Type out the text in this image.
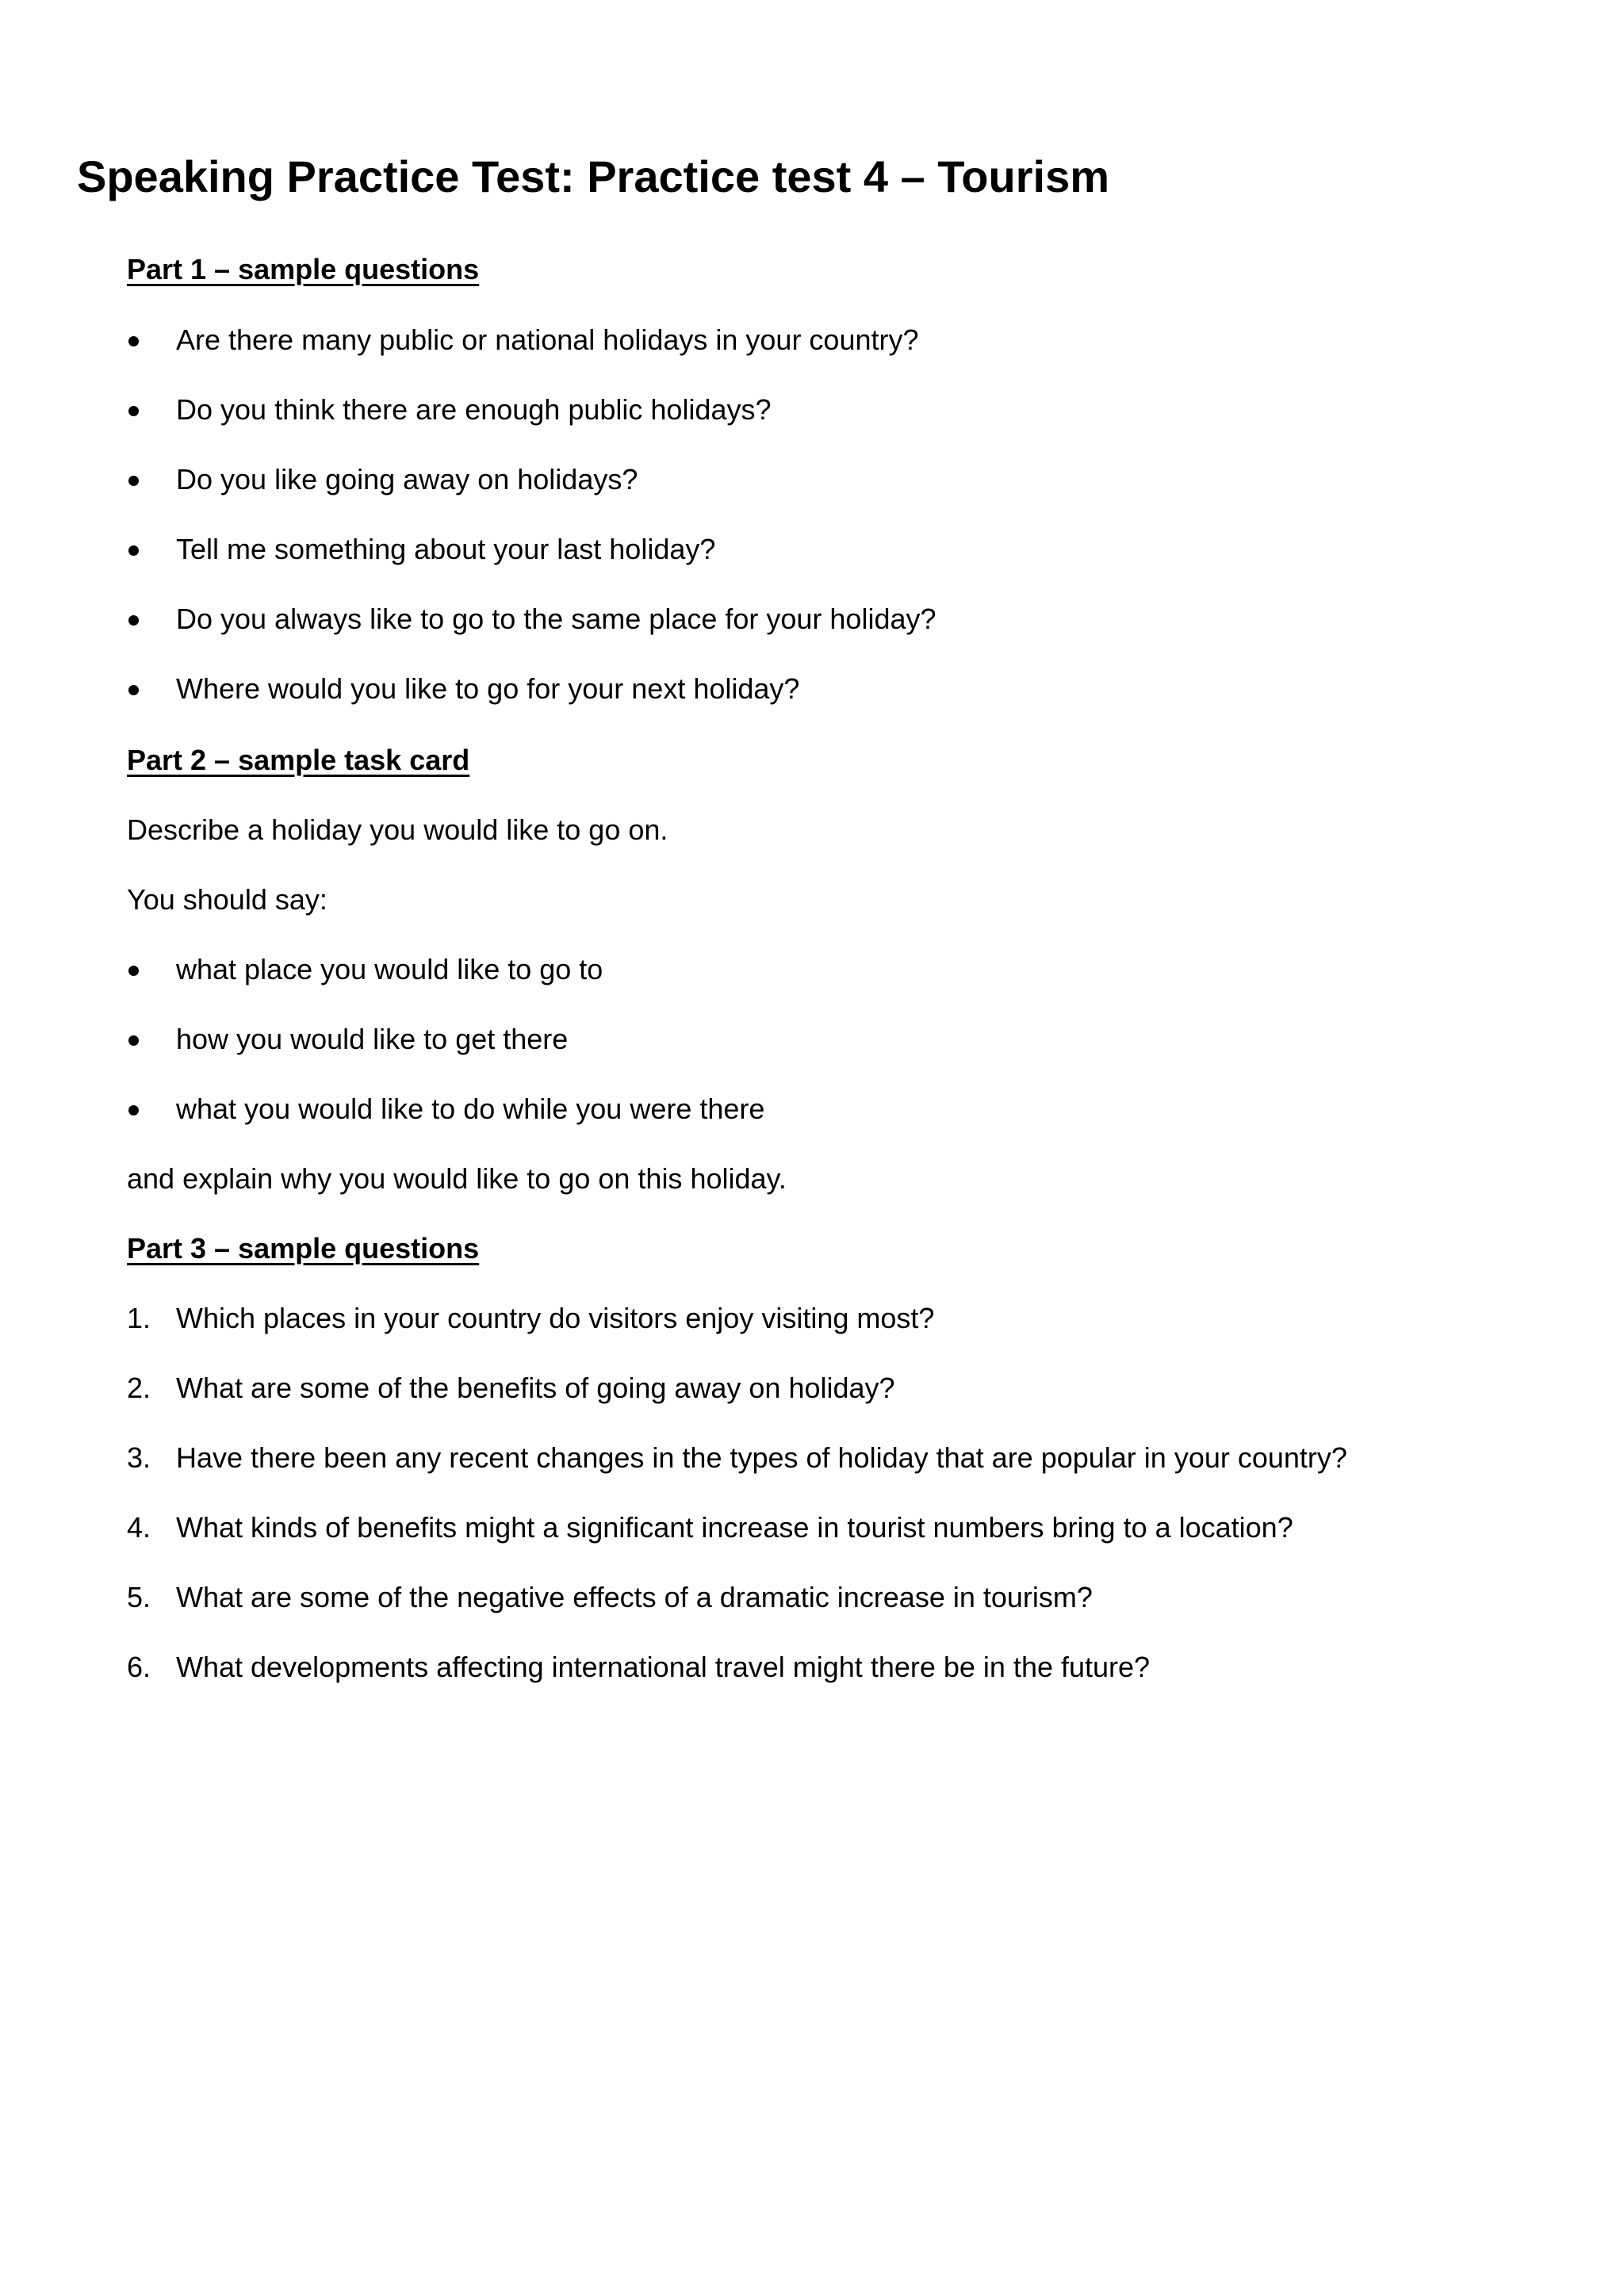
Speaking Practice Test: Practice test 4 – Tourism
Part 1 – sample questions
Are there many public or national holidays in your country?
Do you think there are enough public holidays?
Do you like going away on holidays?
Tell me something about your last holiday?
Do you always like to go to the same place for your holiday?
Where would you like to go for your next holiday?
Part 2 – sample task card
Describe a holiday you would like to go on.
You should say:
what place you would like to go to
how you would like to get there
what you would like to do while you were there
and explain why you would like to go on this holiday.
Part 3 – sample questions
1. Which places in your country do visitors enjoy visiting most?
2. What are some of the benefits of going away on holiday?
3. Have there been any recent changes in the types of holiday that are popular in your country?
4. What kinds of benefits might a significant increase in tourist numbers bring to a location?
5. What are some of the negative effects of a dramatic increase in tourism?
6. What developments affecting international travel might there be in the future?
